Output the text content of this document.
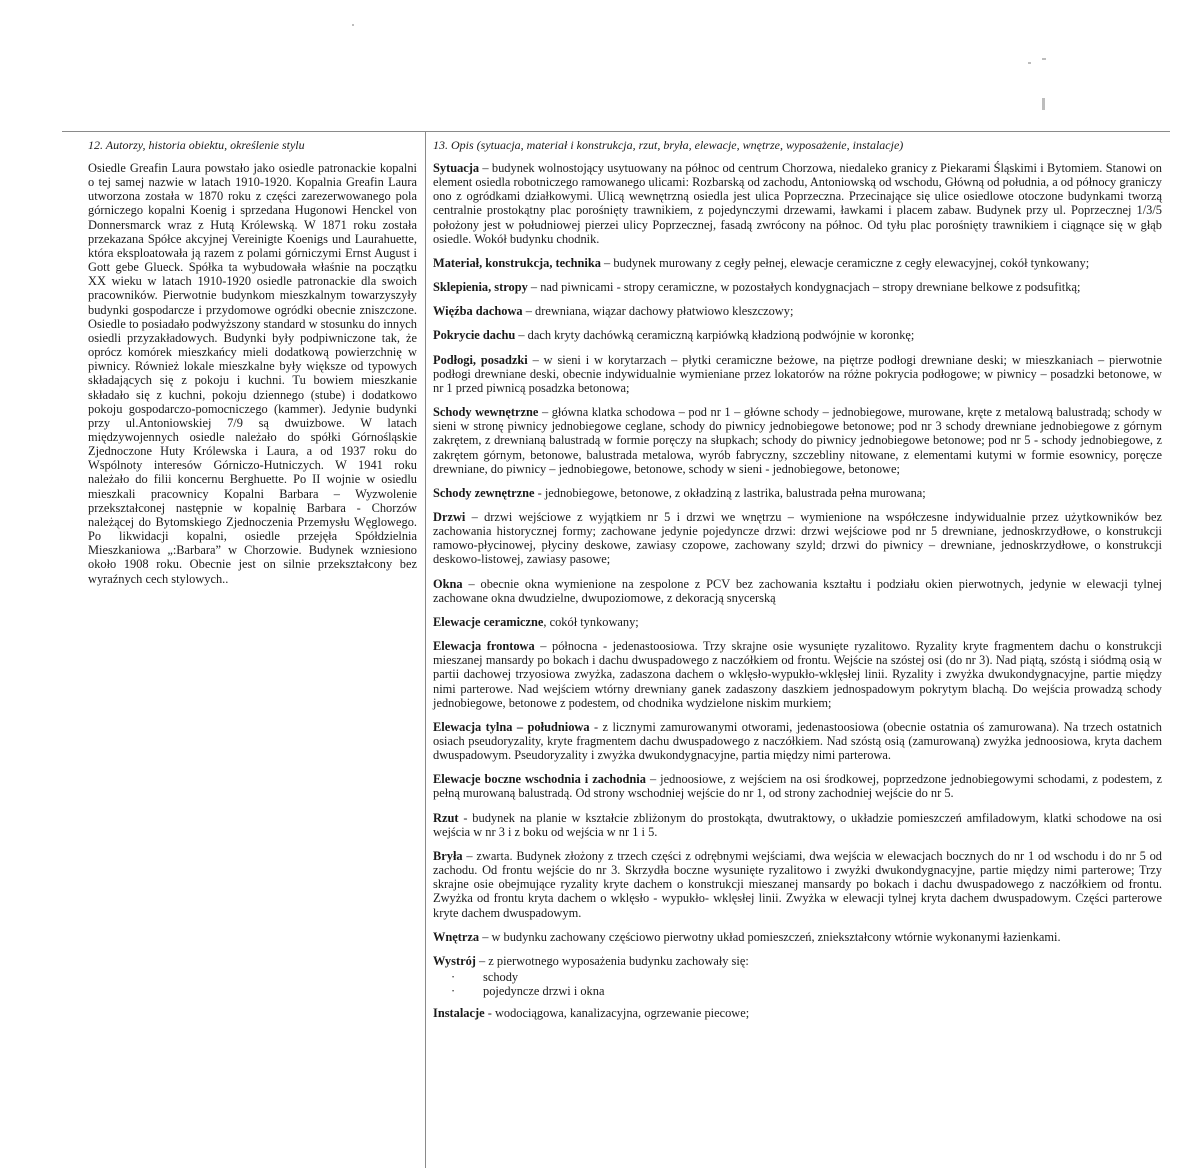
12. Autorzy, historia obiektu, określenie stylu

Osiedle Greafin Laura powstało jako osiedle patronackie kopalni o tej samej nazwie w latach 1910-1920. Kopalnia Greafin Laura utworzona została w 1870 roku z części zarezerwowanego pola górniczego kopalni Koenig i sprzedana Hugonowi Henckel von Donnersmarck wraz z Hutą Królewską. W 1871 roku została przekazana Spółce akcyjnej Vereinigte Koenigs und Laurahuette, która eksploatowała ją razem z polami górniczymi Ernst August i Gott gebe Glueck. Spółka ta wybudowała właśnie na początku XX wieku w latach 1910-1920 osiedle patronackie dla swoich pracowników. Pierwotnie budynkom mieszkalnym towarzyszyły budynki gospodarcze i przydomowe ogródki obecnie zniszczone. Osiedle to posiadało podwyższony standard w stosunku do innych osiedli przyzakładowych. Budynki były podpiwniczone tak, że oprócz komórek mieszkańcy mieli dodatkową powierzchnię w piwnicy. Również lokale mieszkalne były większe od typowych składających się z pokoju i kuchni. Tu bowiem mieszkanie składało się z kuchni, pokoju dziennego (stube) i dodatkowo pokoju gospodarczo-pomocniczego (kammer). Jedynie budynki przy ul.Antoniowskiej 7/9 są dwuizbowe. W latach międzywojennych osiedle należało do spółki Górnośląskie Zjednoczone Huty Królewska i Laura, a od 1937 roku do Wspólnoty interesów Górniczo-Hutniczych. W 1941 roku należało do filii koncernu Berghuette. Po II wojnie w osiedlu mieszkali pracownicy Kopalni Barbara – Wyzwolenie przekształconej następnie w kopalnię Barbara - Chorzów należącej do Bytomskiego Zjednoczenia Przemysłu Węglowego. Po likwidacji kopalni, osiedle przejęła Spółdzielnia Mieszkaniowa „:Barbara” w Chorzowie. Budynek wzniesiono około 1908 roku. Obecnie jest on silnie przekształcony bez wyraźnych cech stylowych..

13. Opis (sytuacja, materiał i konstrukcja, rzut, bryła, elewacje, wnętrze, wyposażenie, instalacje)

Sytuacja – budynek wolnostojący usytuowany na północ od centrum Chorzowa, niedaleko granicy z Piekarami Śląskimi i Bytomiem. Stanowi on element osiedla robotniczego ramowanego ulicami: Rozbarską od zachodu, Antoniowską od wschodu, Główną od południa, a od północy graniczy ono z ogródkami działkowymi. Ulicą wewnętrzną osiedla jest ulica Poprzeczna. Przecinające się ulice osiedlowe otoczone budynkami tworzą centralnie prostokątny plac porośnięty trawnikiem, z pojedynczymi drzewami, ławkami i placem zabaw. Budynek przy ul. Poprzecznej 1/3/5 położony jest w południowej pierzei ulicy Poprzecznej, fasadą zwrócony na północ. Od tyłu plac porośnięty trawnikiem i ciągnące się w głąb osiedle. Wokół budynku chodnik.

Materiał, konstrukcja, technika – budynek murowany z cegły pełnej, elewacje ceramiczne z cegły elewacyjnej, cokół tynkowany;

Sklepienia, stropy – nad piwnicami - stropy ceramiczne, w pozostałych kondygnacjach – stropy drewniane belkowe z podsufitką;

Więźba dachowa – drewniana, wiązar dachowy płatwiowo kleszczowy;

Pokrycie dachu – dach kryty dachówką ceramiczną karpiówką kładzioną podwójnie w koronkę;

Podłogi, posadzki – w sieni i w korytarzach – płytki ceramiczne beżowe, na piętrze podłogi drewniane deski; w mieszkaniach – pierwotnie podłogi drewniane deski, obecnie indywidualnie wymieniane przez lokatorów na różne pokrycia podłogowe; w piwnicy – posadzki betonowe, w nr 1 przed piwnicą posadzka betonowa;

Schody wewnętrzne – główna klatka schodowa – pod nr 1 – główne schody – jednobiegowe, murowane, kręte z metalową balustradą; schody w sieni w stronę piwnicy jednobiegowe ceglane, schody do piwnicy jednobiegowe betonowe; pod nr 3 schody drewniane jednobiegowe z górnym zakrętem, z drewnianą balustradą w formie poręczy na słupkach; schody do piwnicy jednobiegowe betonowe; pod nr 5 - schody jednobiegowe, z zakrętem górnym, betonowe, balustrada metalowa, wyrób fabryczny, szczebliny nitowane, z elementami kutymi w formie esownicy, poręcze drewniane, do piwnicy – jednobiegowe, betonowe, schody w sieni - jednobiegowe, betonowe;

Schody zewnętrzne - jednobiegowe, betonowe, z okładziną z lastrika, balustrada pełna murowana;

Drzwi – drzwi wejściowe z wyjątkiem nr 5 i drzwi we wnętrzu – wymienione na współczesne indywidualnie przez użytkowników bez zachowania historycznej formy; zachowane jedynie pojedyncze drzwi: drzwi wejściowe pod nr 5 drewniane, jednoskrzydłowe, o konstrukcji ramowo-płycinowej, płyciny deskowe, zawiasy czopowe, zachowany szyld; drzwi do piwnicy – drewniane, jednoskrzydłowe, o konstrukcji deskowo-listowej, zawiasy pasowe;

Okna – obecnie okna wymienione na zespolone z PCV bez zachowania kształtu i podziału okien pierwotnych, jedynie w elewacji tylnej zachowane okna dwudzielne, dwupoziomowe, z dekoracją snycerską

Elewacje ceramiczne, cokół tynkowany;

Elewacja frontowa – północna - jedenastoosiowa. Trzy skrajne osie wysunięte ryzalitowo. Ryzality kryte fragmentem dachu o konstrukcji mieszanej mansardy po bokach i dachu dwuspadowego z naczółkiem od frontu. Wejście na szóstej osi (do nr 3). Nad piątą, szóstą i siódmą osią w partii dachowej trzyosiowa zwyżka, zadaszona dachem o wklęsło-wypukło-wklęsłej linii. Ryzality i zwyżka dwukondygnacyjne, partie między nimi parterowe. Nad wejściem wtórny drewniany ganek zadaszony daszkiem jednospadowym pokrytym blachą. Do wejścia prowadzą schody jednobiegowe, betonowe z podestem, od chodnika wydzielone niskim murkiem;

Elewacja tylna – południowa - z licznymi zamurowanymi otworami, jedenastoosiowa (obecnie ostatnia oś zamurowana). Na trzech ostatnich osiach pseudoryzality, kryte fragmentem dachu dwuspadowego z naczółkiem. Nad szóstą osią (zamurowaną) zwyżka jednoosiowa, kryta dachem dwuspadowym. Pseudoryzality i zwyżka dwukondygnacyjne, partia między nimi parterowa.

Elewacje boczne wschodnia i zachodnia – jednoosiowe, z wejściem na osi środkowej, poprzedzone jednobiegowymi schodami, z podestem, z pełną murowaną balustradą. Od strony wschodniej wejście do nr 1, od strony zachodniej wejście do nr 5.

Rzut - budynek na planie w kształcie zbliżonym do prostokąta, dwutraktowy, o układzie pomieszczeń amfiladowym, klatki schodowe na osi wejścia w nr 3 i z boku od wejścia w nr 1 i 5.

Bryła – zwarta. Budynek złożony z trzech części z odrębnymi wejściami, dwa wejścia w elewacjach bocznych do nr 1 od wschodu i do nr 5 od zachodu. Od frontu wejście do nr 3. Skrzydła boczne wysunięte ryzalitowo i zwyżki dwukondygnacyjne, partie między nimi parterowe; Trzy skrajne osie obejmujące ryzality kryte dachem o konstrukcji mieszanej mansardy po bokach i dachu dwuspadowego z naczółkiem od frontu. Zwyżka od frontu kryta dachem o wklęsło - wypukło- wklęsłej linii. Zwyżka w elewacji tylnej kryta dachem dwuspadowym. Części parterowe kryte dachem dwuspadowym.

Wnętrza – w budynku zachowany częściowo pierwotny układ pomieszczeń, zniekształcony wtórnie wykonanymi łazienkami.

Wystrój – z pierwotnego wyposażenia budynku zachowały się:

· schody
· pojedyncze drzwi i okna

Instalacje - wodociągowa, kanalizacyjna, ogrzewanie piecowe;
